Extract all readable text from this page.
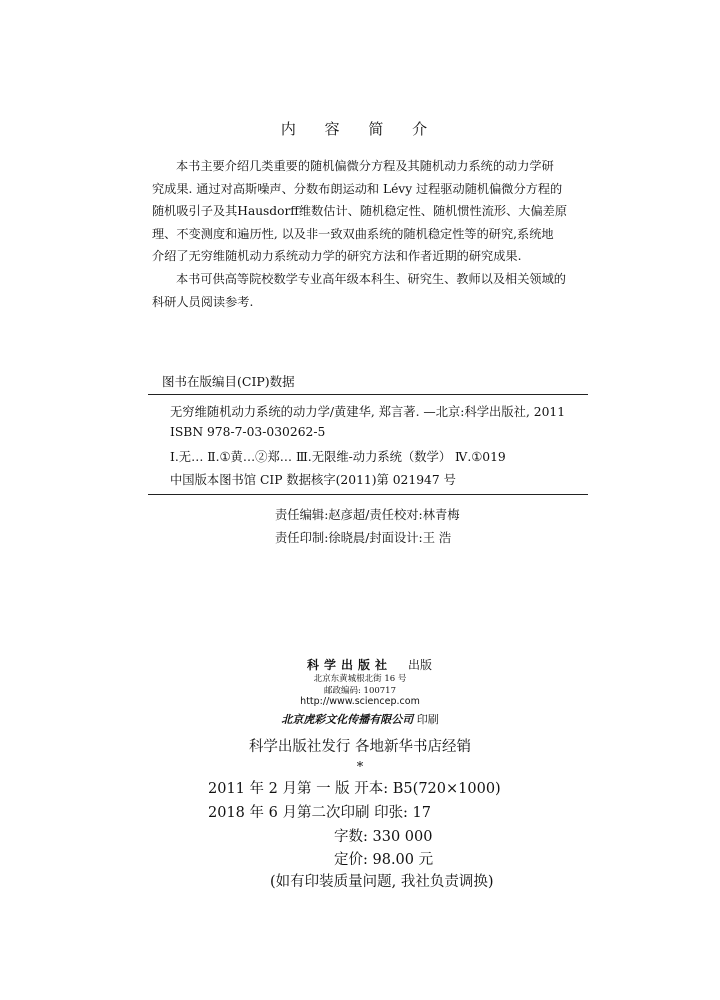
内 容 简 介
本书主要介绍几类重要的随机偏微分方程及其随机动力系统的动力学研
究成果. 通过对高斯噪声、分数布朗运动和 Lévy 过程驱动随机偏微分方程的
随机吸引子及其Hausdorff维数估计、随机稳定性、随机惯性流形、大偏差原
理、不变测度和遍历性, 以及非一致双曲系统的随机稳定性等的研究,系统地
介绍了无穷维随机动力系统动力学的研究方法和作者近期的研究成果.
本书可供高等院校数学专业高年级本科生、研究生、教师以及相关领域的
科研人员阅读参考.
图书在版编目(CIP)数据
无穷维随机动力系统的动力学/黄建华, 郑言著. —北京:科学出版社, 2011
ISBN 978-7-03-030262-5
Ⅰ.无… Ⅱ.①黄…②郑… Ⅲ.无限维-动力系统（数学） Ⅳ.①019
中国版本图书馆 CIP 数据核字(2011)第 021947 号
责任编辑:赵彦超/责任校对:林青梅
责任印制:徐晓晨/封面设计:王 浩
科学出版社 出版
北京东黄城根北街 16 号
邮政编码: 100717
http://www.sciencep.com
北京虎彩文化传播有限公司 印刷
科学出版社发行 各地新华书店经销
*
2011 年 2 月第 一 版 开本: B5(720×1000)
2018 年 6 月第二次印刷 印张: 17
字数: 330 000
定价: 98.00 元
(如有印装质量问题, 我社负责调换)
